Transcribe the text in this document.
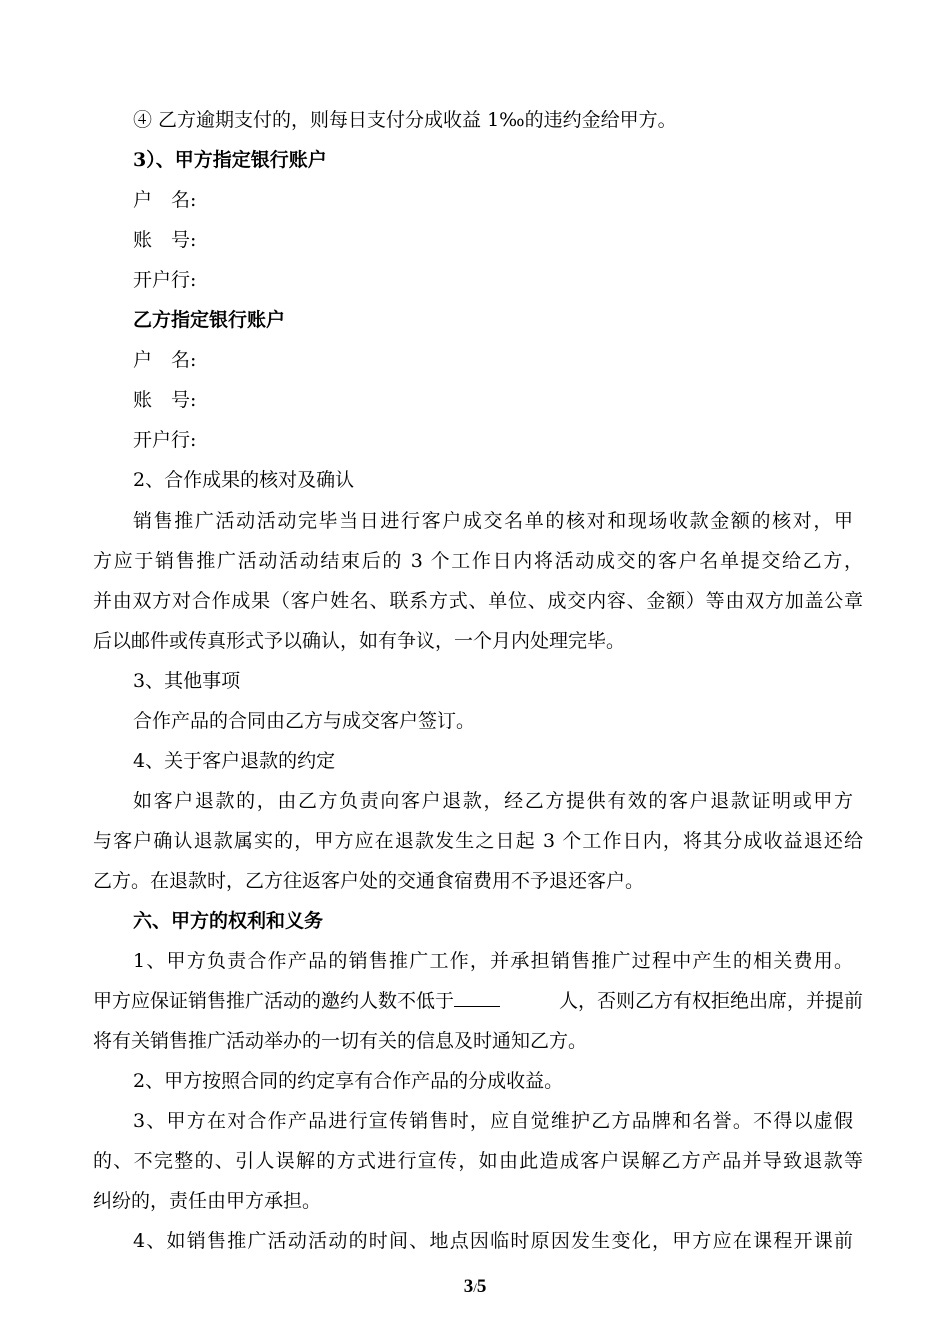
④ 乙方逾期支付的，则每日支付分成收益 1‰的违约金给甲方。
3）、甲方指定银行账户
户　名:
账　号:
开户行:
乙方指定银行账户
户　名:
账　号:
开户行:
2、合作成果的核对及确认
销售推广活动活动完毕当日进行客户成交名单的核对和现场收款金额的核对，甲
方应于销售推广活动活动结束后的 3 个工作日内将活动成交的客户名单提交给乙方，
并由双方对合作成果（客户姓名、联系方式、单位、成交内容、金额）等由双方加盖公章
后以邮件或传真形式予以确认，如有争议，一个月内处理完毕。
3、其他事项
合作产品的合同由乙方与成交客户签订。
4、关于客户退款的约定
如客户退款的，由乙方负责向客户退款，经乙方提供有效的客户退款证明或甲方
与客户确认退款属实的，甲方应在退款发生之日起 3 个工作日内，将其分成收益退还给
乙方。在退款时，乙方往返客户处的交通食宿费用不予退还客户。
六、甲方的权利和义务
1、甲方负责合作产品的销售推广工作，并承担销售推广过程中产生的相关费用。
甲方应保证销售推广活动的邀约人数不低于	人，否则乙方有权拒绝出席，并提前
将有关销售推广活动举办的一切有关的信息及时通知乙方。
2、甲方按照合同的约定享有合作产品的分成收益。
3、甲方在对合作产品进行宣传销售时，应自觉维护乙方品牌和名誉。不得以虚假
的、不完整的、引人误解的方式进行宣传，如由此造成客户误解乙方产品并导致退款等
纠纷的，责任由甲方承担。
4、如销售推广活动活动的时间、地点因临时原因发生变化，甲方应在课程开课前
3/5
